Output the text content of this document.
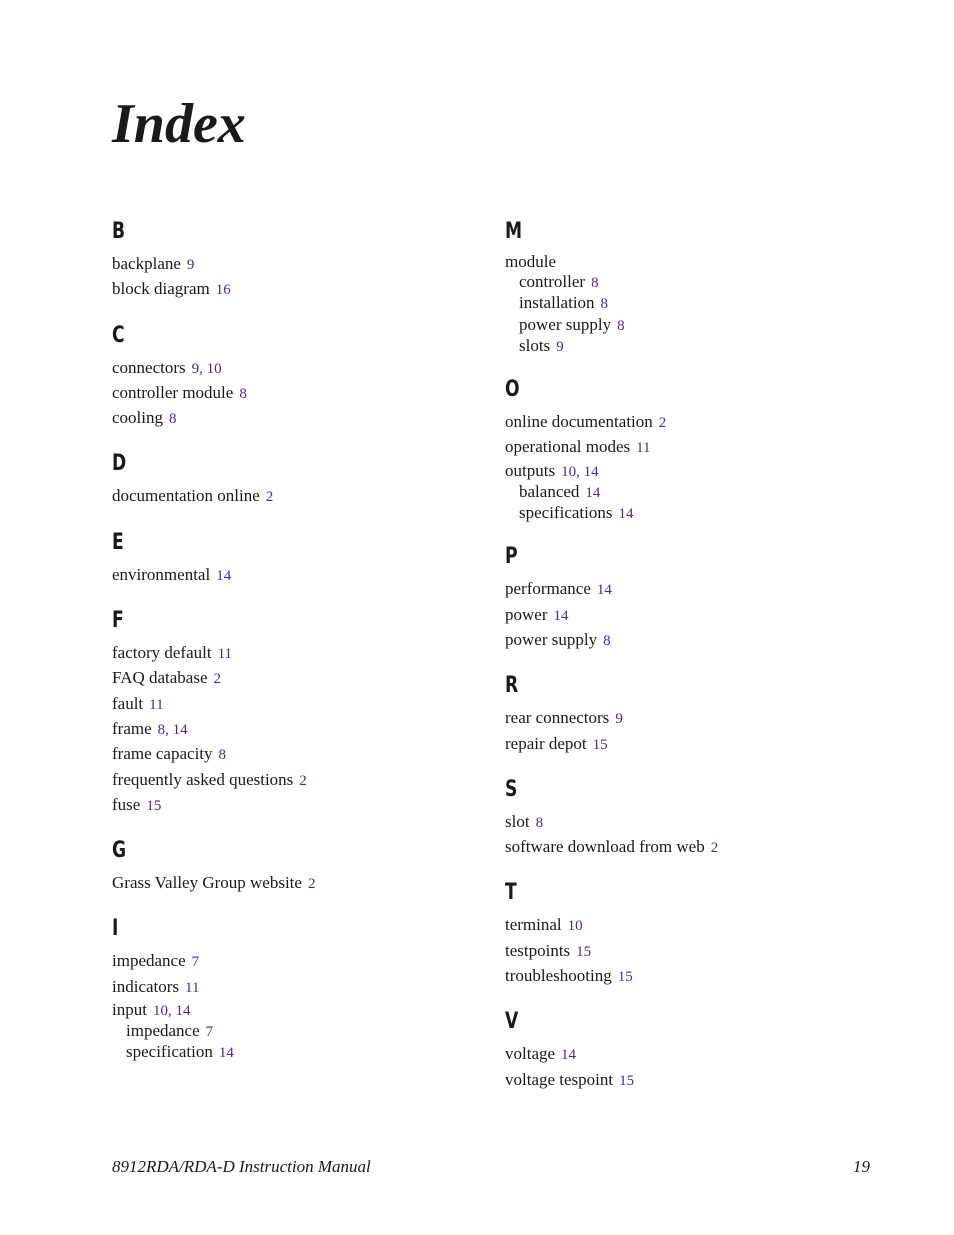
Index
B
backplane 9
block diagram 16
C
connectors 9, 10
controller module 8
cooling 8
D
documentation online 2
E
environmental 14
F
factory default 11
FAQ database 2
fault 11
frame 8, 14
frame capacity 8
frequently asked questions 2
fuse 15
G
Grass Valley Group website 2
I
impedance 7
indicators 11
input 10, 14
impedance 7
specification 14
M
module
controller 8
installation 8
power supply 8
slots 9
O
online documentation 2
operational modes 11
outputs 10, 14
balanced 14
specifications 14
P
performance 14
power 14
power supply 8
R
rear connectors 9
repair depot 15
S
slot 8
software download from web 2
T
terminal 10
testpoints 15
troubleshooting 15
V
voltage 14
voltage tespoint 15
8912RDA/RDA-D Instruction Manual	19
